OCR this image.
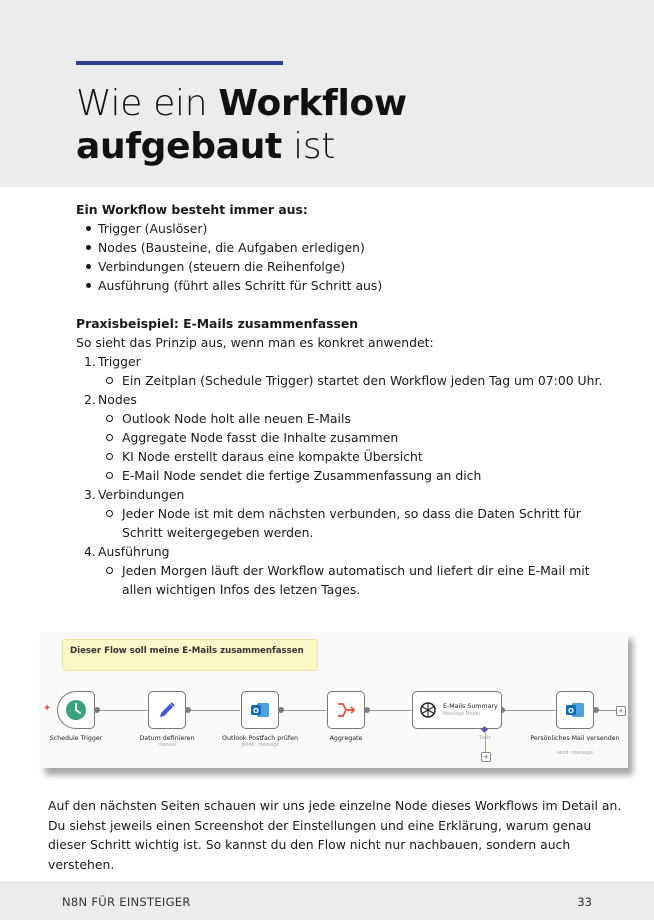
Wie ein Workflow
aufgebaut ist

Ein Workflow besteht immer aus:

Trigger (Auslöser)
Nodes (Bausteine, die Aufgaben erledigen)
Verbindungen (steuern die Reihenfolge)
Ausführung (führt alles Schritt für Schritt aus)

Praxisbeispiel: E-Mails zusammenfassen

So sieht das Prinzip aus, wenn man es konkret anwendet:

1. Trigger
Ein Zeitplan (Schedule Trigger) startet den Workflow jeden Tag um 07:00 Uhr.
2. Nodes
Outlook Node holt alle neuen E-Mails
Aggregate Node fasst die Inhalte zusammen
KI Node erstellt daraus eine kompakte Übersicht
E-Mail Node sendet die fertige Zusammenfassung an dich
3. Verbindungen
Jeder Node ist mit dem nächsten verbunden, so dass die Daten Schritt für Schritt weitergegeben werden.
4. Ausführung
Jeden Morgen läuft der Workflow automatisch und liefert dir eine E-Mail mit allen wichtigen Infos des letzen Tages.
Dieser Flow soll meine E-Mails zusammenfassen
✦
Schedule Trigger	Datum definieren
manual
O
Outlook Postfach prüfen
getAll: message
Aggregate
E-Mails Summary
Message Model
Tools
+
O
Persönliches Mail versenden
send: message
+

Auf den nächsten Seiten schauen wir uns jede einzelne Node dieses Workflows im Detail an. Du siehst jeweils einen Screenshot der Einstellungen und eine Erklärung, warum genau dieser Schritt wichtig ist. So kannst du den Flow nicht nur nachbauen, sondern auch verstehen.

N8N FÜR EINSTEIGER	33
